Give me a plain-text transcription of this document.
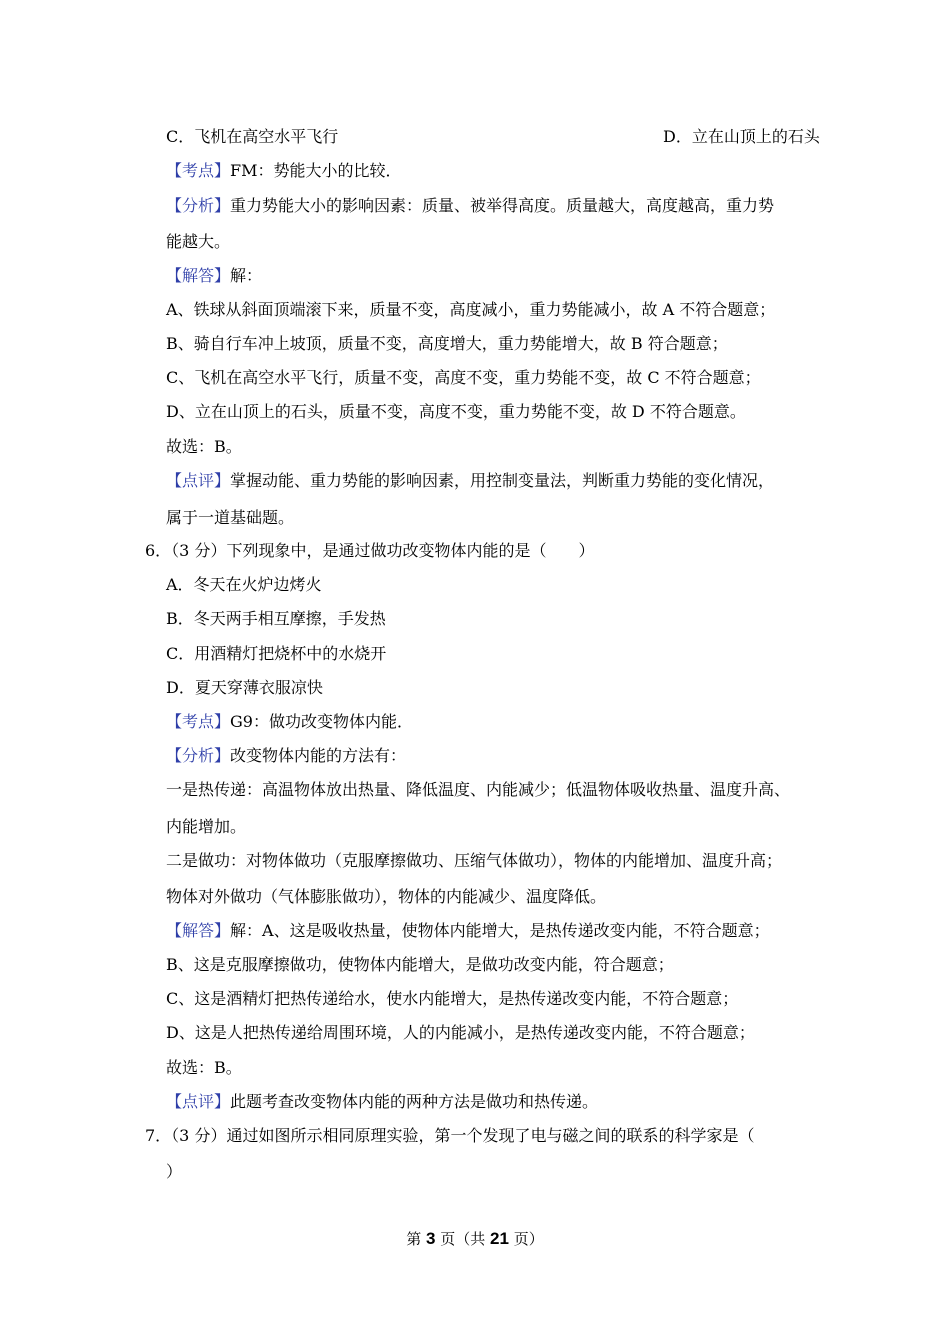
C．飞机在高空水平飞行	D．立在山顶上的石头
【考点】FM：势能大小的比较．
【分析】重力势能大小的影响因素：质量、被举得高度。质量越大，高度越高，重力势
能越大。
【解答】解：
A、铁球从斜面顶端滚下来，质量不变，高度减小，重力势能减小，故 A 不符合题意；
B、骑自行车冲上坡顶，质量不变，高度增大，重力势能增大，故 B 符合题意；
C、飞机在高空水平飞行，质量不变，高度不变，重力势能不变，故 C 不符合题意；
D、立在山顶上的石头，质量不变，高度不变，重力势能不变，故 D 不符合题意。
故选：B。
【点评】掌握动能、重力势能的影响因素，用控制变量法，判断重力势能的变化情况，
属于一道基础题。
6．（3 分）下列现象中，是通过做功改变物体内能的是（　　）
A．冬天在火炉边烤火
B．冬天两手相互摩擦，手发热
C．用酒精灯把烧杯中的水烧开
D．夏天穿薄衣服凉快
【考点】G9：做功改变物体内能．
【分析】改变物体内能的方法有：
一是热传递：高温物体放出热量、降低温度、内能减少；低温物体吸收热量、温度升高、
内能增加。
二是做功：对物体做功（克服摩擦做功、压缩气体做功），物体的内能增加、温度升高；
物体对外做功（气体膨胀做功），物体的内能减少、温度降低。
【解答】解：A、这是吸收热量，使物体内能增大，是热传递改变内能，不符合题意；
B、这是克服摩擦做功，使物体内能增大，是做功改变内能，符合题意；
C、这是酒精灯把热传递给水，使水内能增大，是热传递改变内能，不符合题意；
D、这是人把热传递给周围环境，人的内能减小，是热传递改变内能，不符合题意；
故选：B。
【点评】此题考查改变物体内能的两种方法是做功和热传递。
7．（3 分）通过如图所示相同原理实验，第一个发现了电与磁之间的联系的科学家是（
）
第 3 页（共 21 页）
